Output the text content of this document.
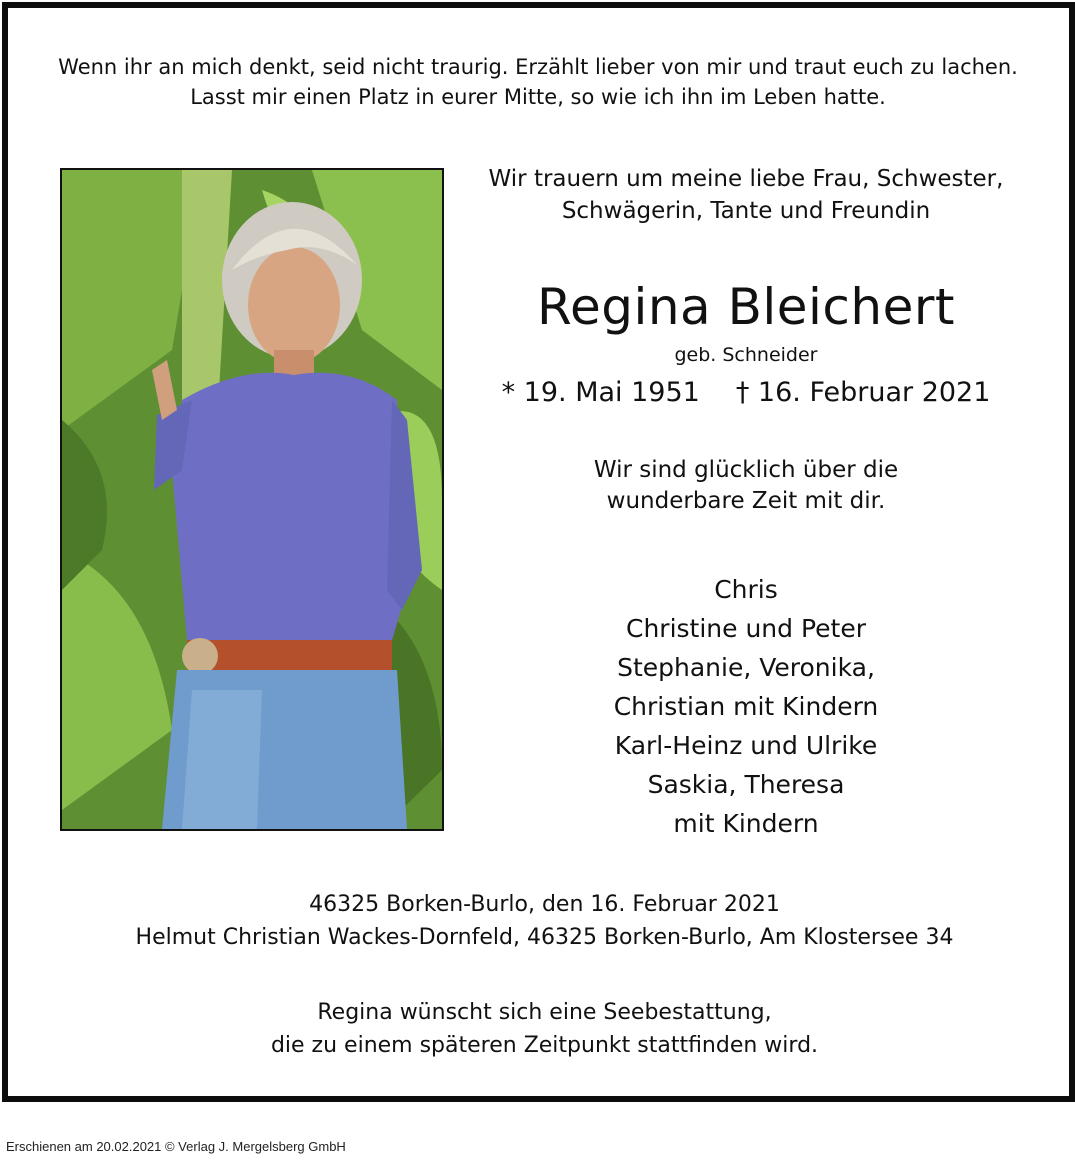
Wenn ihr an mich denkt, seid nicht traurig. Erzählt lieber von mir und traut euch zu lachen.
Lasst mir einen Platz in eurer Mitte, so wie ich ihn im Leben hatte.
Wir trauern um meine liebe Frau, Schwester,
Schwägerin, Tante und Freundin
Regina Bleichert
geb. Schneider
* 19. Mai 1951 † 16. Februar 2021
Wir sind glücklich über die
wunderbare Zeit mit dir.
Chris
Christine und Peter
Stephanie, Veronika,
Christian mit Kindern
Karl-Heinz und Ulrike
Saskia, Theresa
mit Kindern
46325 Borken-Burlo, den 16. Februar 2021
Helmut Christian Wackes-Dornfeld, 46325 Borken-Burlo, Am Klostersee 34
Regina wünscht sich eine Seebestattung,
die zu einem späteren Zeitpunkt stattfinden wird.
Erschienen am 20.02.2021 © Verlag J. Mergelsberg GmbH
